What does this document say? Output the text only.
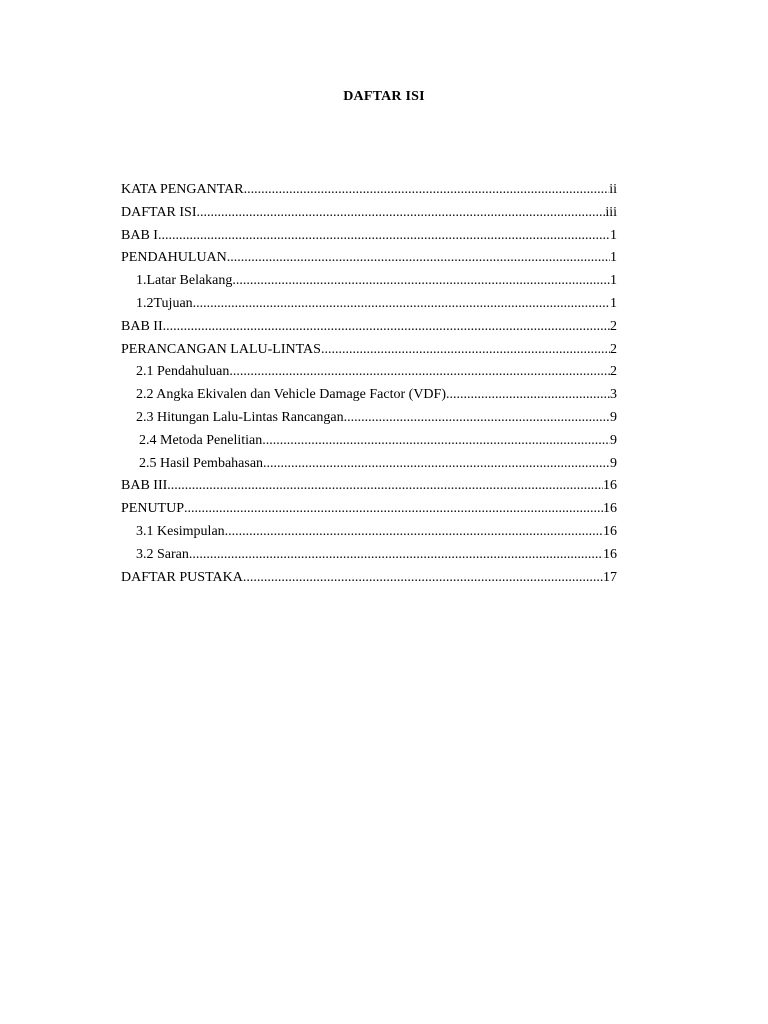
DAFTAR ISI
KATA PENGANTAR .....	ii
DAFTAR ISI .....	iii
BAB I .....	1
PENDAHULUAN .....	1
1.Latar Belakang .....	1
1.2Tujuan .....	1
BAB II .....	2
PERANCANGAN LALU-LINTAS .....	2
2.1 Pendahuluan .....	2
2.2 Angka Ekivalen dan Vehicle Damage Factor (VDF) .....	3
2.3 Hitungan Lalu-Lintas Rancangan .....	9
2.4 Metoda Penelitian .....	9
2.5 Hasil Pembahasan .....	9
BAB III .....	16
PENUTUP .....	16
3.1 Kesimpulan .....	16
3.2 Saran .....	16
DAFTAR PUSTAKA .....	17
